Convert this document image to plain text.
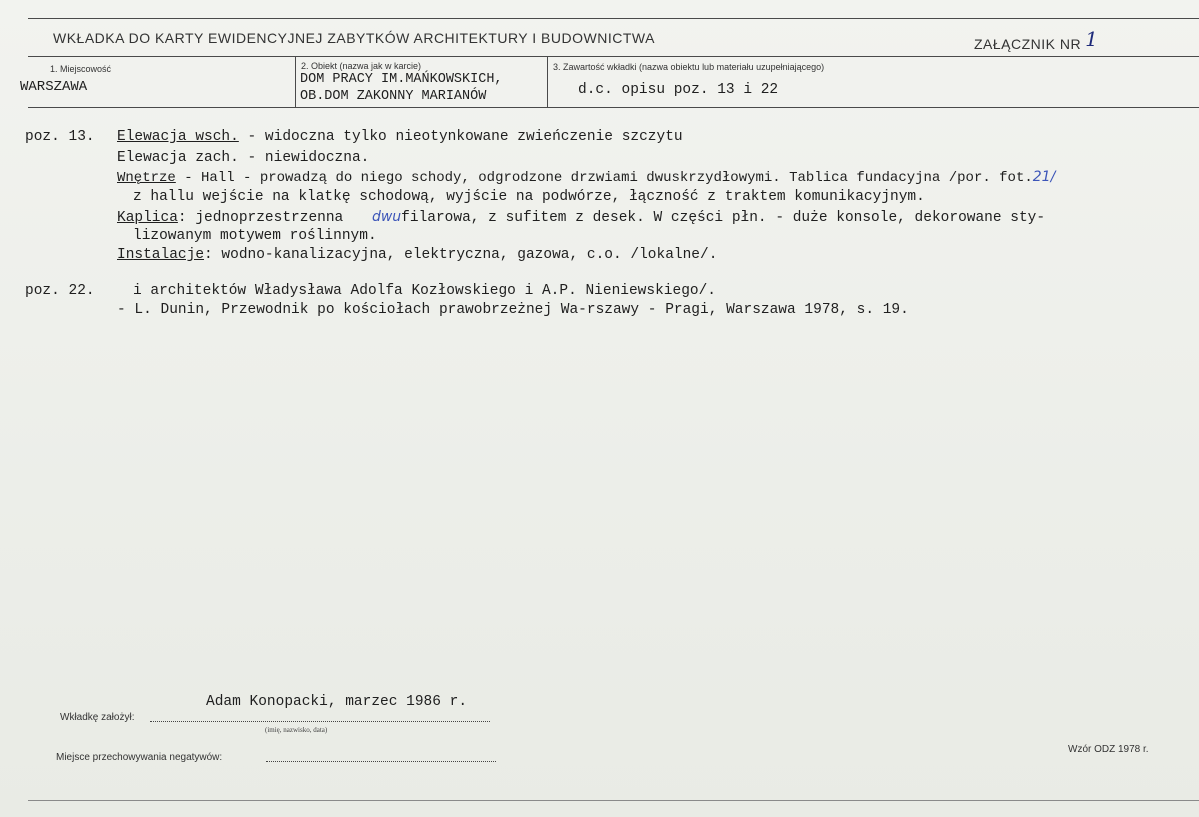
WKŁADKA DO KARTY EWIDENCYJNEJ ZABYTKÓW ARCHITEKTURY I BUDOWNICTWA	ZAŁĄCZNIK NR 1
1. Miejscowość
WARSZAWA
2. Obiekt (nazwa jak w karcie)
DOM PRACY IM.MAŃKOWSKICH,
OB.DOM ZAKONNY MARIANÓW
3. Zawartość wkładki (nazwa obiektu lub materiału uzupełniającego)
d.c. opisu poz. 13 i 22
poz. 13. Elewacja wsch. - widoczna tylko nieotynkowane zwieńczenie szczytu
Elewacja zach. - niewidoczna.
Wnętrze - Hall - prowadzą do niego schody, odgrodzone drzwiami dwuskrzydłowymi. Tablica fundacyjna /por. fot.21/
z hallu wejście na klatkę schodową, wyjście na podwórze, łączność z traktem komunikacyjnym.
Kaplica: jednoprzestrzenna dwufilarowa, z sufitem z desek. W części płn. - duże konsole, dekorowane sty-
lizowanym motywem roślinnym.
Instalacje: wodno-kanalizacyjna, elektryczna, gazowa, c.o. /lokalne/.
poz. 22.	i architektów Władysława Adolfa Kozłowskiego i A.P. Nieniewskiego/.
- L. Dunin, Przewodnik po kościołach prawobrzeżnej Wa-rszawy - Pragi, Warszawa 1978, s. 19.
Adam Konopacki, marzec 1986 r.
Wkładkę założył:
(imię, nazwisko, data)
Miejsce przechowywania negatywów:
Wzór ODZ 1978 r.
